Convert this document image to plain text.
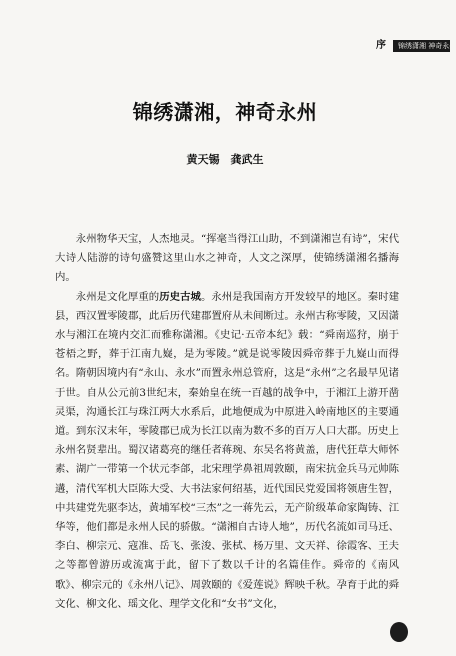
序	锦绣潇湘 神奇永州
锦绣潇湘，神奇永州
黄天锡　龚武生

永州物华天宝，人杰地灵。“挥毫当得江山助，不到潇湘岂有诗”，宋代大诗人陆游的诗句盛赞这里山水之神奇，人文之深厚，使锦绣潇湘名播海内。

永州是文化厚重的历史古城。永州是我国南方开发较早的地区。秦时建县，西汉置零陵郡，此后历代建郡置府从未间断过。永州古称零陵，又因潇水与湘江在境内交汇而雅称潇湘。《史记·五帝本纪》载：“舜南巡狩，崩于苍梧之野，葬于江南九嶷，是为零陵。”就是说零陵因舜帝葬于九嶷山而得名。隋朝因境内有“永山、永水”而置永州总管府，这是“永州”之名最早见诸于世。自从公元前3世纪末，秦始皇在统一百越的战争中，于湘江上游开凿灵渠，沟通长江与珠江两大水系后，此地便成为中原进入岭南地区的主要通道。到东汉末年，零陵郡已成为长江以南为数不多的百万人口大郡。历史上永州名贤辈出。蜀汉诸葛亮的继任者蒋琬、东吴名将黄盖，唐代狂草大师怀素、湖广一带第一个状元李郃，北宋理学鼻祖周敦颐，南宋抗金兵马元帅陈遘，清代军机大臣陈大受、大书法家何绍基，近代国民党爱国将领唐生智，中共建党先驱李达，黄埔军校“三杰”之一蒋先云，无产阶级革命家陶铸、江华等，他们都是永州人民的骄傲。“潇湘自古诗人地”，历代名流如司马迁、李白、柳宗元、寇准、岳飞、张浚、张栻、杨万里、文天祥、徐霞客、王夫之等都曾游历或流寓于此，留下了数以千计的名篇佳作。舜帝的《南风歌》、柳宗元的《永州八记》、周敦颐的《爱莲说》辉映千秋。孕育于此的舜文化、柳文化、瑶文化、理学文化和“女书”文化，
